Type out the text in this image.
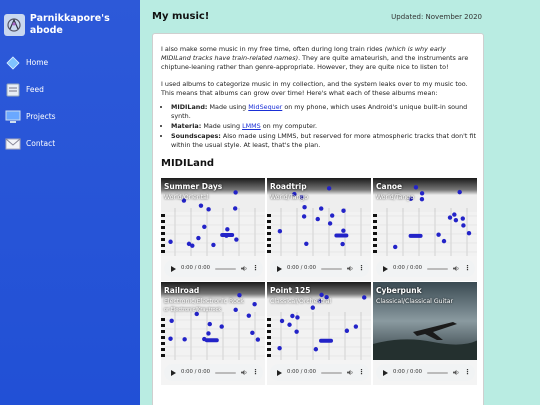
Parnikkapore's abode
Home
Feed
Projects
Contact
My music!	Updated: November 2020

I also make some music in my free time, often during long train rides (which is why early MIDILand tracks have train-related names). They are quite amateurish, and the instruments are chiptune-leaning rather than genre-appropriate. However, they are quite nice to listen to!

I used albums to categorize music in my collection, and the system leaks over to my music too. This means that albums can grow over time! Here's what each of these albums mean:

• MIDILand: Made using MidSequer on my phone, which uses Android's unique built-in sound synth.
• Materia: Made using LMMS on my computer.
• Soundscapes: Also made using LMMS, but reserved for more atmospheric tracks that don't fit within the usual style. At least, that's the plan.
MIDILand
Summer Days
World/Oriental
0:00 / 0:00	⋮
Roadtrip
World/Tango
0:00 / 0:00	⋮
Canoe
World/Tango
0:00 / 0:00	⋮
Railroad
Electronic/Electronic Rock
or Electronic/Krautrock
0:00 / 0:00	⋮
Point 125
Classical/Orchestral
0:00 / 0:00	⋮
Cyberpunk
Classical/Classical Guitar
0:00 / 0:00	⋮
